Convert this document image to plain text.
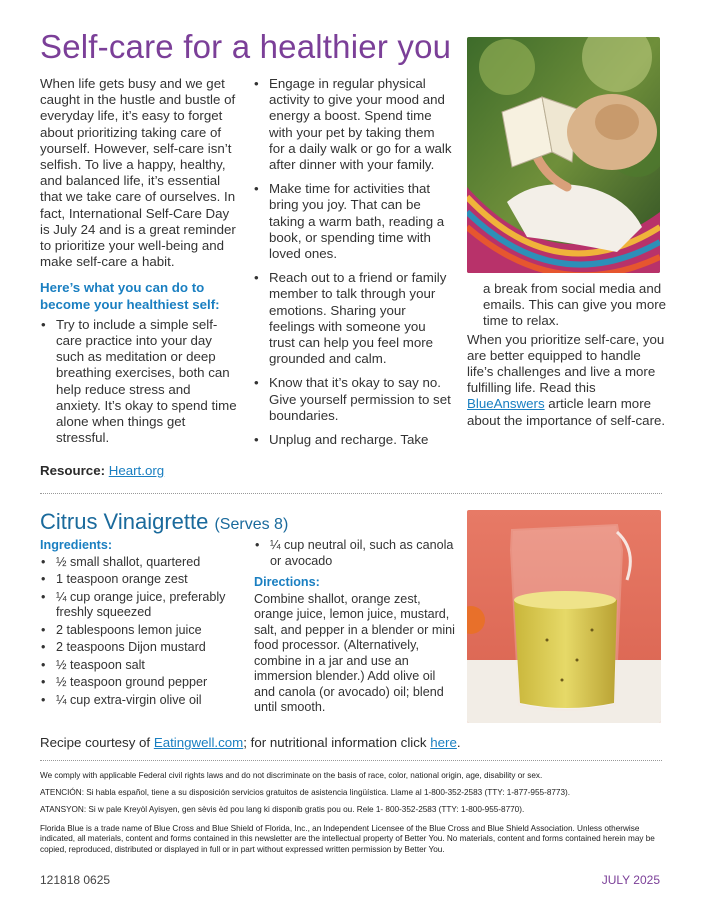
Self-care for a healthier you

When life gets busy and we get caught in the hustle and bustle of everyday life, it’s easy to forget about prioritizing taking care of yourself. However, self-care isn’t selfish. To live a happy, healthy, and balanced life, it’s essential that we take care of ourselves. In fact, International Self-Care Day is July 24 and is a great reminder to prioritize your well-being and make self-care a habit.

Here’s what you can do to become your healthiest self:
• Try to include a simple self-care practice into your day such as meditation or deep breathing exercises, both can help reduce stress and anxiety. It’s okay to spend time alone when things get stressful.
• Engage in regular physical activity to give your mood and energy a boost. Spend time with your pet by taking them for a daily walk or go for a walk after dinner with your family.
• Make time for activities that bring you joy. That can be taking a warm bath, reading a book, or spending time with loved ones.
• Reach out to a friend or family member to talk through your emotions. Sharing your feelings with someone you trust can help you feel more grounded and calm.
• Know that it’s okay to say no. Give yourself permission to set boundaries.
• Unplug and recharge. Take
a break from social media and emails. This can give you more time to relax.

When you prioritize self-care, you are better equipped to handle life’s challenges and live a more fulfilling life. Read this BlueAnswers article learn more about the importance of self-care.

Resource: Heart.org
Citrus Vinaigrette (Serves 8)
Ingredients:
• ½ small shallot, quartered
• 1 teaspoon orange zest
• ¼ cup orange juice, preferably freshly squeezed
• 2 tablespoons lemon juice
• 2 teaspoons Dijon mustard
• ½ teaspoon salt
• ½ teaspoon ground pepper
• ¼ cup extra-virgin olive oil
• ¼ cup neutral oil, such as canola or avocado
Directions:

Combine shallot, orange zest, orange juice, lemon juice, mustard, salt, and pepper in a blender or mini food processor. (Alternatively, combine in a jar and use an immersion blender.) Add olive oil and canola (or avocado) oil; blend until smooth.

Recipe courtesy of Eatingwell.com; for nutritional information click here.
We comply with applicable Federal civil rights laws and do not discriminate on the basis of race, color, national origin, age, disability or sex.
ATENCIÓN: Si habla español, tiene a su disposición servicios gratuitos de asistencia lingüística. Llame al 1-800-352-2583 (TTY: 1-877-955-8773).
ATANSYON: Si w pale Kreyòl Ayisyen, gen sèvis èd pou lang ki disponib gratis pou ou. Rele 1- 800-352-2583 (TTY: 1-800-955-8770).
Florida Blue is a trade name of Blue Cross and Blue Shield of Florida, Inc., an Independent Licensee of the Blue Cross and Blue Shield Association. Unless otherwise indicated, all materials, content and forms contained in this newsletter are the intellectual property of Better You. No materials, content and forms contained herein may be copied, reproduced, distributed or displayed in full or in part without expressed written permission by Better You.
121818 0625	JULY 2025
